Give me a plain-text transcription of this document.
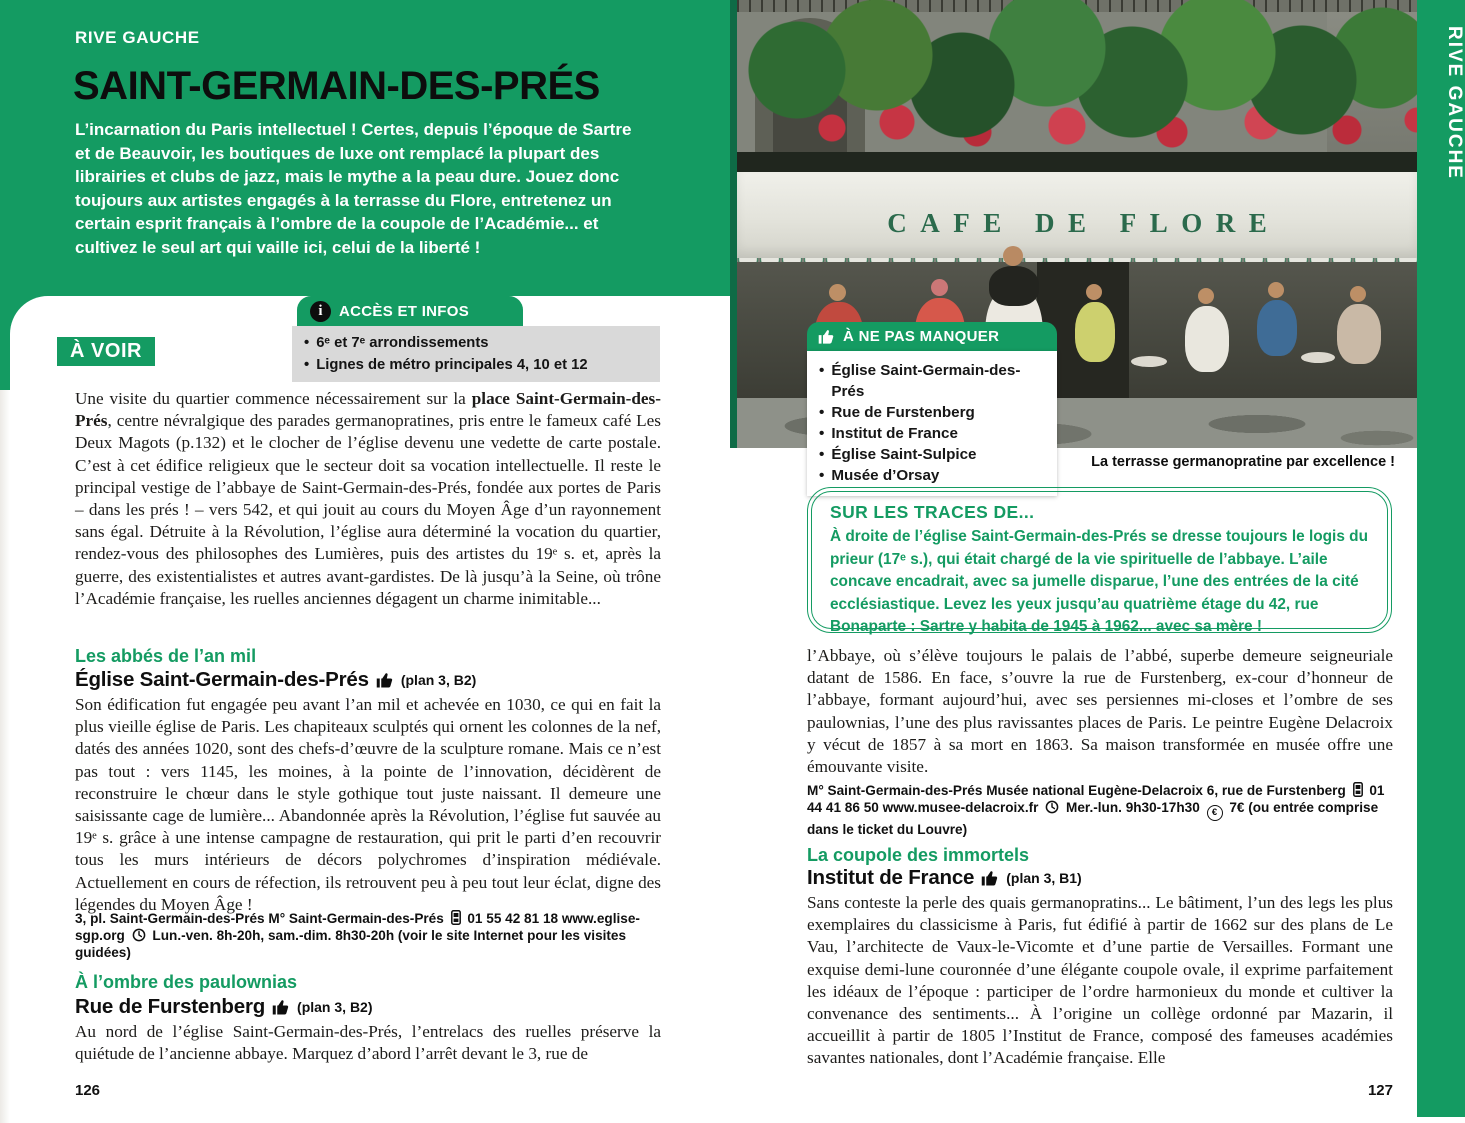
RIVE GAUCHE
SAINT-GERMAIN-DES-PRÉS
L’incarnation du Paris intellectuel ! Certes, depuis l’époque de Sartre et de Beauvoir, les boutiques de luxe ont remplacé la plupart des librairies et clubs de jazz, mais le mythe a la peau dure. Jouez donc toujours aux artistes engagés à la terrasse du Flore, entretenez un certain esprit français à l’ombre de la coupole de l’Académie... et cultivez le seul art qui vaille ici, celui de la liberté !
À VOIR
i	ACCÈS ET INFOS
• 6ᵉ et 7ᵉ arrondissements
• Lignes de métro principales 4, 10 et 12
Une visite du quartier commence nécessairement sur la place Saint-Germain-des-Prés, centre névralgique des parades germanopratines, pris entre le fameux café Les Deux Magots (p.132) et le clocher de l’église devenu une vedette de carte postale. C’est à cet édifice religieux que le secteur doit sa vocation intellectuelle. Il reste le principal vestige de l’abbaye de Saint-Germain-des-Prés, fondée aux portes de Paris – dans les prés ! – vers 542, et qui jouit au cours du Moyen Âge d’un rayonnement sans égal. Détruite à la Révolution, l’église aura déterminé la vocation du quartier, rendez-vous des philosophes des Lumières, puis des artistes du 19ᵉ s. et, après la guerre, des existentialistes et autres avant-gardistes. De là jusqu’à la Seine, où trône l’Académie française, les ruelles anciennes dégagent un charme inimitable...
Les abbés de l’an mil
Église Saint-Germain-des-Prés (plan 3, B2)
Son édification fut engagée peu avant l’an mil et achevée en 1030, ce qui en fait la plus vieille église de Paris. Les chapiteaux sculptés qui ornent les colonnes de la nef, datés des années 1020, sont des chefs-d’œuvre de la sculpture romane. Mais ce n’est pas tout : vers 1145, les moines, à la pointe de l’innovation, décidèrent de reconstruire le chœur dans le style gothique tout juste naissant. Il demeure une saisissante cage de lumière... Abandonnée après la Révolution, l’église fut sauvée au 19ᵉ s. grâce à une intense campagne de restauration, qui prit le parti d’en recouvrir tous les murs intérieurs de décors polychromes d’inspiration médiévale. Actuellement en cours de réfection, ils retrouvent peu à peu tout leur éclat, digne des légendes du Moyen Âge !
3, pl. Saint-Germain-des-Prés M° Saint-Germain-des-Prés 01 55 42 81 18 www.eglise-sgp.org Lun.-ven. 8h-20h, sam.-dim. 8h30-20h (voir le site Internet pour les visites guidées)
À l’ombre des paulownias
Rue de Furstenberg (plan 3, B2)
Au nord de l’église Saint-Germain-des-Prés, l’entrelacs des ruelles préserve la quiétude de l’ancienne abbaye. Marquez d’abord l’arrêt devant le 3, rue de
126
CAFE DE FLORE
À NE PAS MANQUER
• Église Saint-Germain-des-Prés
• Rue de Furstenberg
• Institut de France
• Église Saint-Sulpice
• Musée d’Orsay
La terrasse germanopratine par excellence !
SUR LES TRACES DE...
À droite de l’église Saint-Germain-des-Prés se dresse toujours le logis du prieur (17ᵉ s.), qui était chargé de la vie spirituelle de l’abbaye. L’aile concave encadrait, avec sa jumelle disparue, l’une des entrées de la cité ecclésiastique. Levez les yeux jusqu’au quatrième étage du 42, rue Bonaparte : Sartre y habita de 1945 à 1962... avec sa mère !
l’Abbaye, où s’élève toujours le palais de l’abbé, superbe demeure seigneuriale datant de 1586. En face, s’ouvre la rue de Furstenberg, ex-cour d’honneur de l’abbaye, formant aujourd’hui, avec ses persiennes mi-closes et l’ombre de ses paulownias, l’une des plus ravissantes places de Paris. Le peintre Eugène Delacroix y vécut de 1857 à sa mort en 1863. Sa maison transformée en musée offre une émouvante visite.
M° Saint-Germain-des-Prés Musée national Eugène-Delacroix 6, rue de Furstenberg 01 44 41 86 50 www.musee-delacroix.fr Mer.-lun. 9h30-17h30 € 7€ (ou entrée comprise dans le ticket du Louvre)
La coupole des immortels
Institut de France (plan 3, B1)
Sans conteste la perle des quais germanopratins... Le bâtiment, l’un des legs les plus exemplaires du classicisme à Paris, fut édifié à partir de 1662 sur des plans de Le Vau, l’architecte de Vaux-le-Vicomte et d’une partie de Versailles. Formant une exquise demi-lune couronnée d’une élégante coupole ovale, il exprime parfaitement les idéaux de l’époque : participer de l’ordre harmonieux du monde et cultiver la convenance des sentiments... À l’origine un collège ordonné par Mazarin, il accueillit à partir de 1805 l’Institut de France, composé des fameuses académies savantes nationales, dont l’Académie française. Elle
127
RIVE GAUCHE
